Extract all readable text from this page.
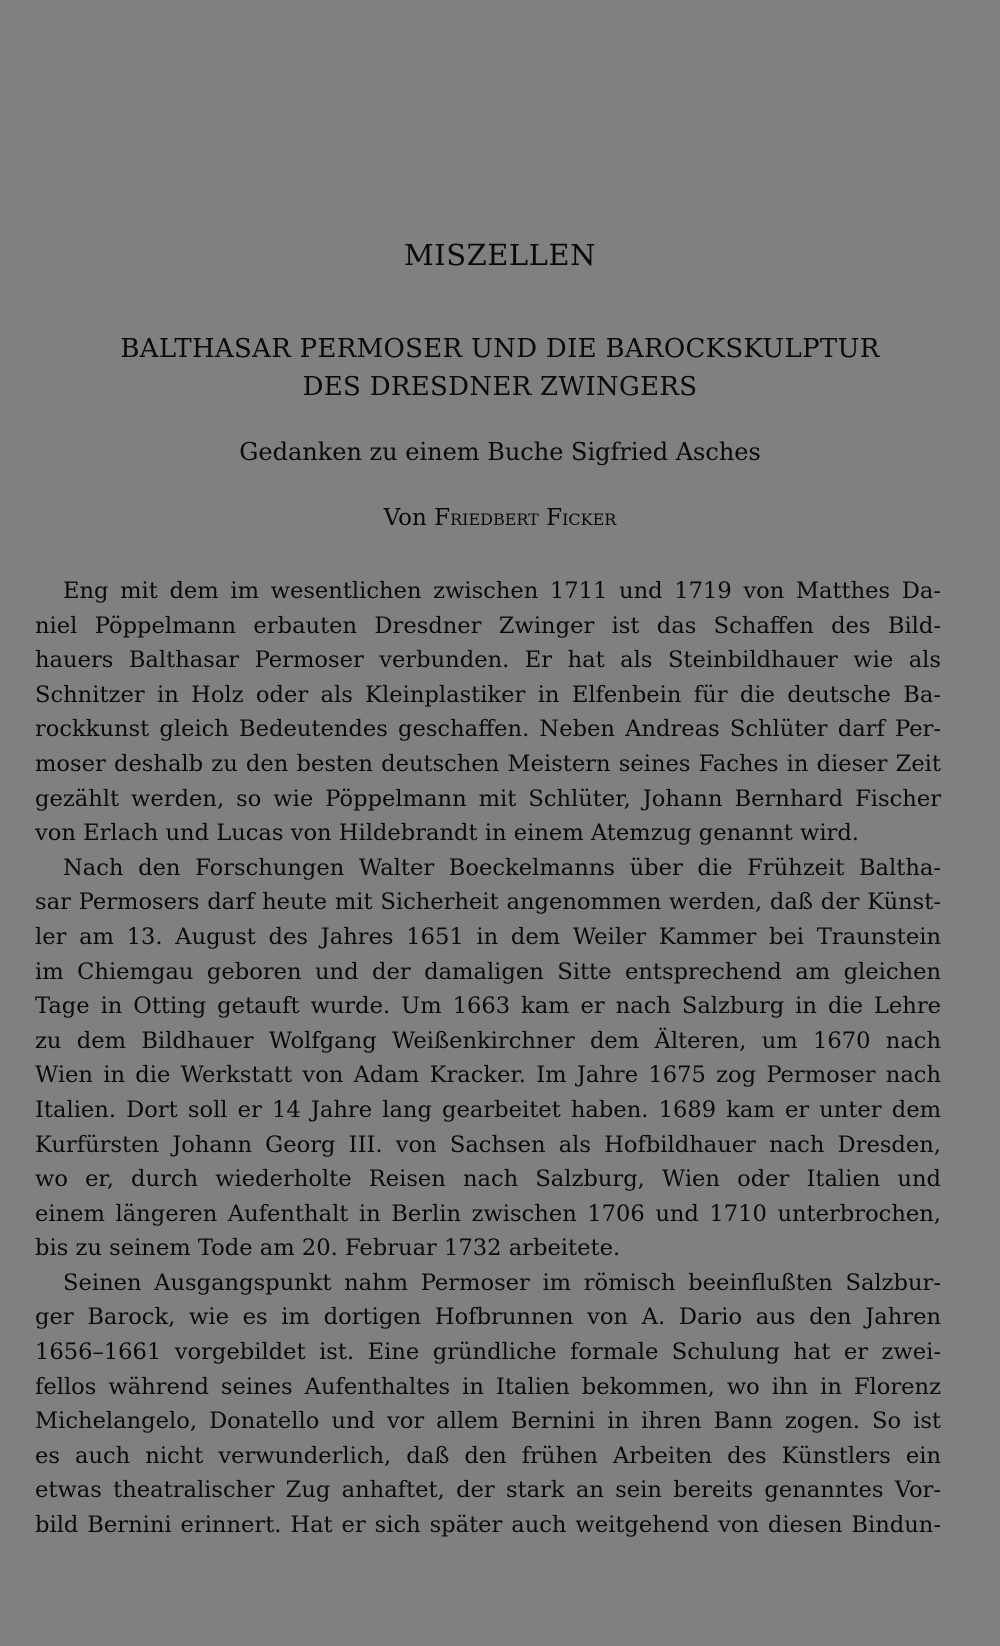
MISZELLEN
BALTHASAR PERMOSER UND DIE BAROCKSKULPTUR
DES DRESDNER ZWINGERS
Gedanken zu einem Buche Sigfried Asches
Von Friedbert Ficker
Eng mit dem im wesentlichen zwischen 1711 und 1719 von Matthes Da-
niel Pöppelmann erbauten Dresdner Zwinger ist das Schaffen des Bild-
hauers Balthasar Permoser verbunden. Er hat als Steinbildhauer wie als
Schnitzer in Holz oder als Kleinplastiker in Elfenbein für die deutsche Ba-
rockkunst gleich Bedeutendes geschaffen. Neben Andreas Schlüter darf Per-
moser deshalb zu den besten deutschen Meistern seines Faches in dieser Zeit
gezählt werden, so wie Pöppelmann mit Schlüter, Johann Bernhard Fischer
von Erlach und Lucas von Hildebrandt in einem Atemzug genannt wird.
Nach den Forschungen Walter Boeckelmanns über die Frühzeit Baltha-
sar Permosers darf heute mit Sicherheit angenommen werden, daß der Künst-
ler am 13. August des Jahres 1651 in dem Weiler Kammer bei Traunstein
im Chiemgau geboren und der damaligen Sitte entsprechend am gleichen
Tage in Otting getauft wurde. Um 1663 kam er nach Salzburg in die Lehre
zu dem Bildhauer Wolfgang Weißenkirchner dem Älteren, um 1670 nach
Wien in die Werkstatt von Adam Kracker. Im Jahre 1675 zog Permoser nach
Italien. Dort soll er 14 Jahre lang gearbeitet haben. 1689 kam er unter dem
Kurfürsten Johann Georg III. von Sachsen als Hofbildhauer nach Dresden,
wo er, durch wiederholte Reisen nach Salzburg, Wien oder Italien und
einem längeren Aufenthalt in Berlin zwischen 1706 und 1710 unterbrochen,
bis zu seinem Tode am 20. Februar 1732 arbeitete.
Seinen Ausgangspunkt nahm Permoser im römisch beeinflußten Salzbur-
ger Barock, wie es im dortigen Hofbrunnen von A. Dario aus den Jahren
1656–1661 vorgebildet ist. Eine gründliche formale Schulung hat er zwei-
fellos während seines Aufenthaltes in Italien bekommen, wo ihn in Florenz
Michelangelo, Donatello und vor allem Bernini in ihren Bann zogen. So ist
es auch nicht verwunderlich, daß den frühen Arbeiten des Künstlers ein
etwas theatralischer Zug anhaftet, der stark an sein bereits genanntes Vor-
bild Bernini erinnert. Hat er sich später auch weitgehend von diesen Bindun-
